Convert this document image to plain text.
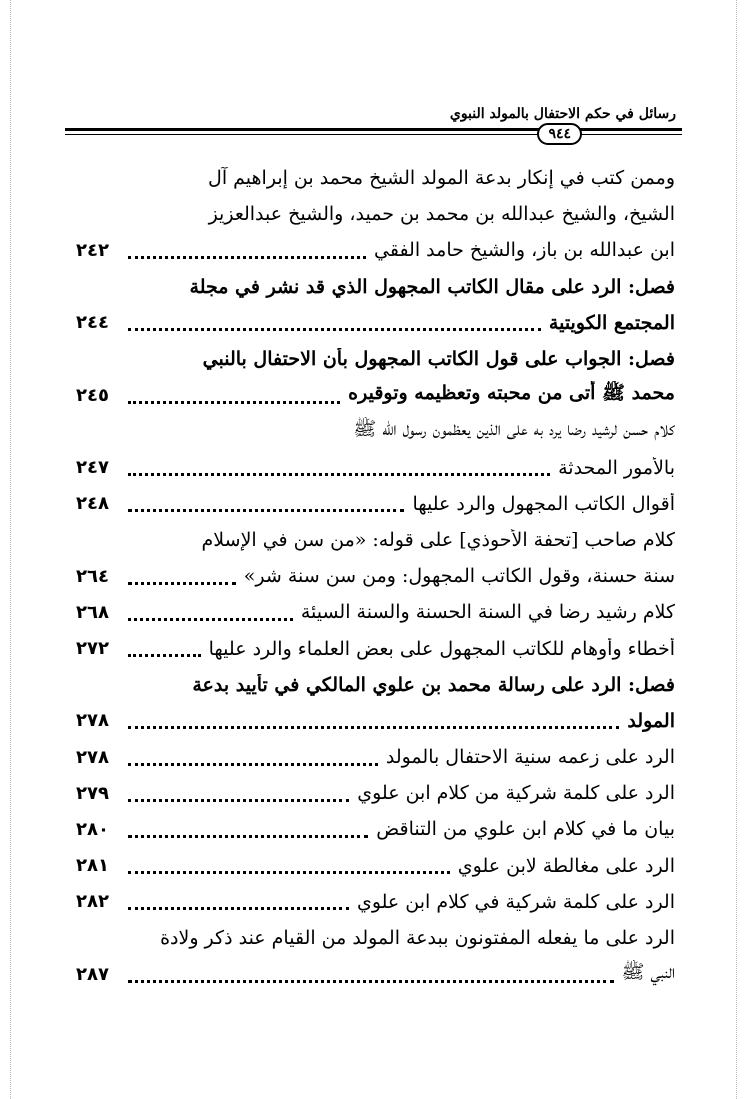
رسائل في حكم الاحتفال بالمولد النبوي
٩٤٤
وممن كتب في إنكار بدعة المولد الشيخ محمد بن إبراهيم آل
الشيخ، والشيخ عبدالله بن محمد بن حميد، والشيخ عبدالعزيز
ابن عبدالله بن باز، والشيخ حامد الفقي
٢٤٢
فصل: الرد على مقال الكاتب المجهول الذي قد نشر في مجلة
المجتمع الكويتية
٢٤٤
فصل: الجواب على قول الكاتب المجهول بأن الاحتفال بالنبي
محمد ﷺ أتى من محبته وتعظيمه وتوقيره
٢٤٥
كلام حسن لرشيد رضا يرد به على الذين يعظمون رسول الله ﷺ
بالأمور المحدثة
٢٤٧
أقوال الكاتب المجهول والرد عليها
٢٤٨
كلام صاحب [تحفة الأحوذي] على قوله: «من سن في الإسلام
سنة حسنة، وقول الكاتب المجهول: ومن سن سنة شر»
٢٦٤
كلام رشيد رضا في السنة الحسنة والسنة السيئة
٢٦٨
أخطاء وأوهام للكاتب المجهول على بعض العلماء والرد عليها
٢٧٢
فصل: الرد على رسالة محمد بن علوي المالكي في تأييد بدعة
المولد
٢٧٨
الرد على زعمه سنية الاحتفال بالمولد
٢٧٨
الرد على كلمة شركية من كلام ابن علوي
٢٧٩
بيان ما في كلام ابن علوي من التناقض
٢٨٠
الرد على مغالطة لابن علوي
٢٨١
الرد على كلمة شركية في كلام ابن علوي
٢٨٢
الرد على ما يفعله المفتونون ببدعة المولد من القيام عند ذكر ولادة
النبي ﷺ
٢٨٧
